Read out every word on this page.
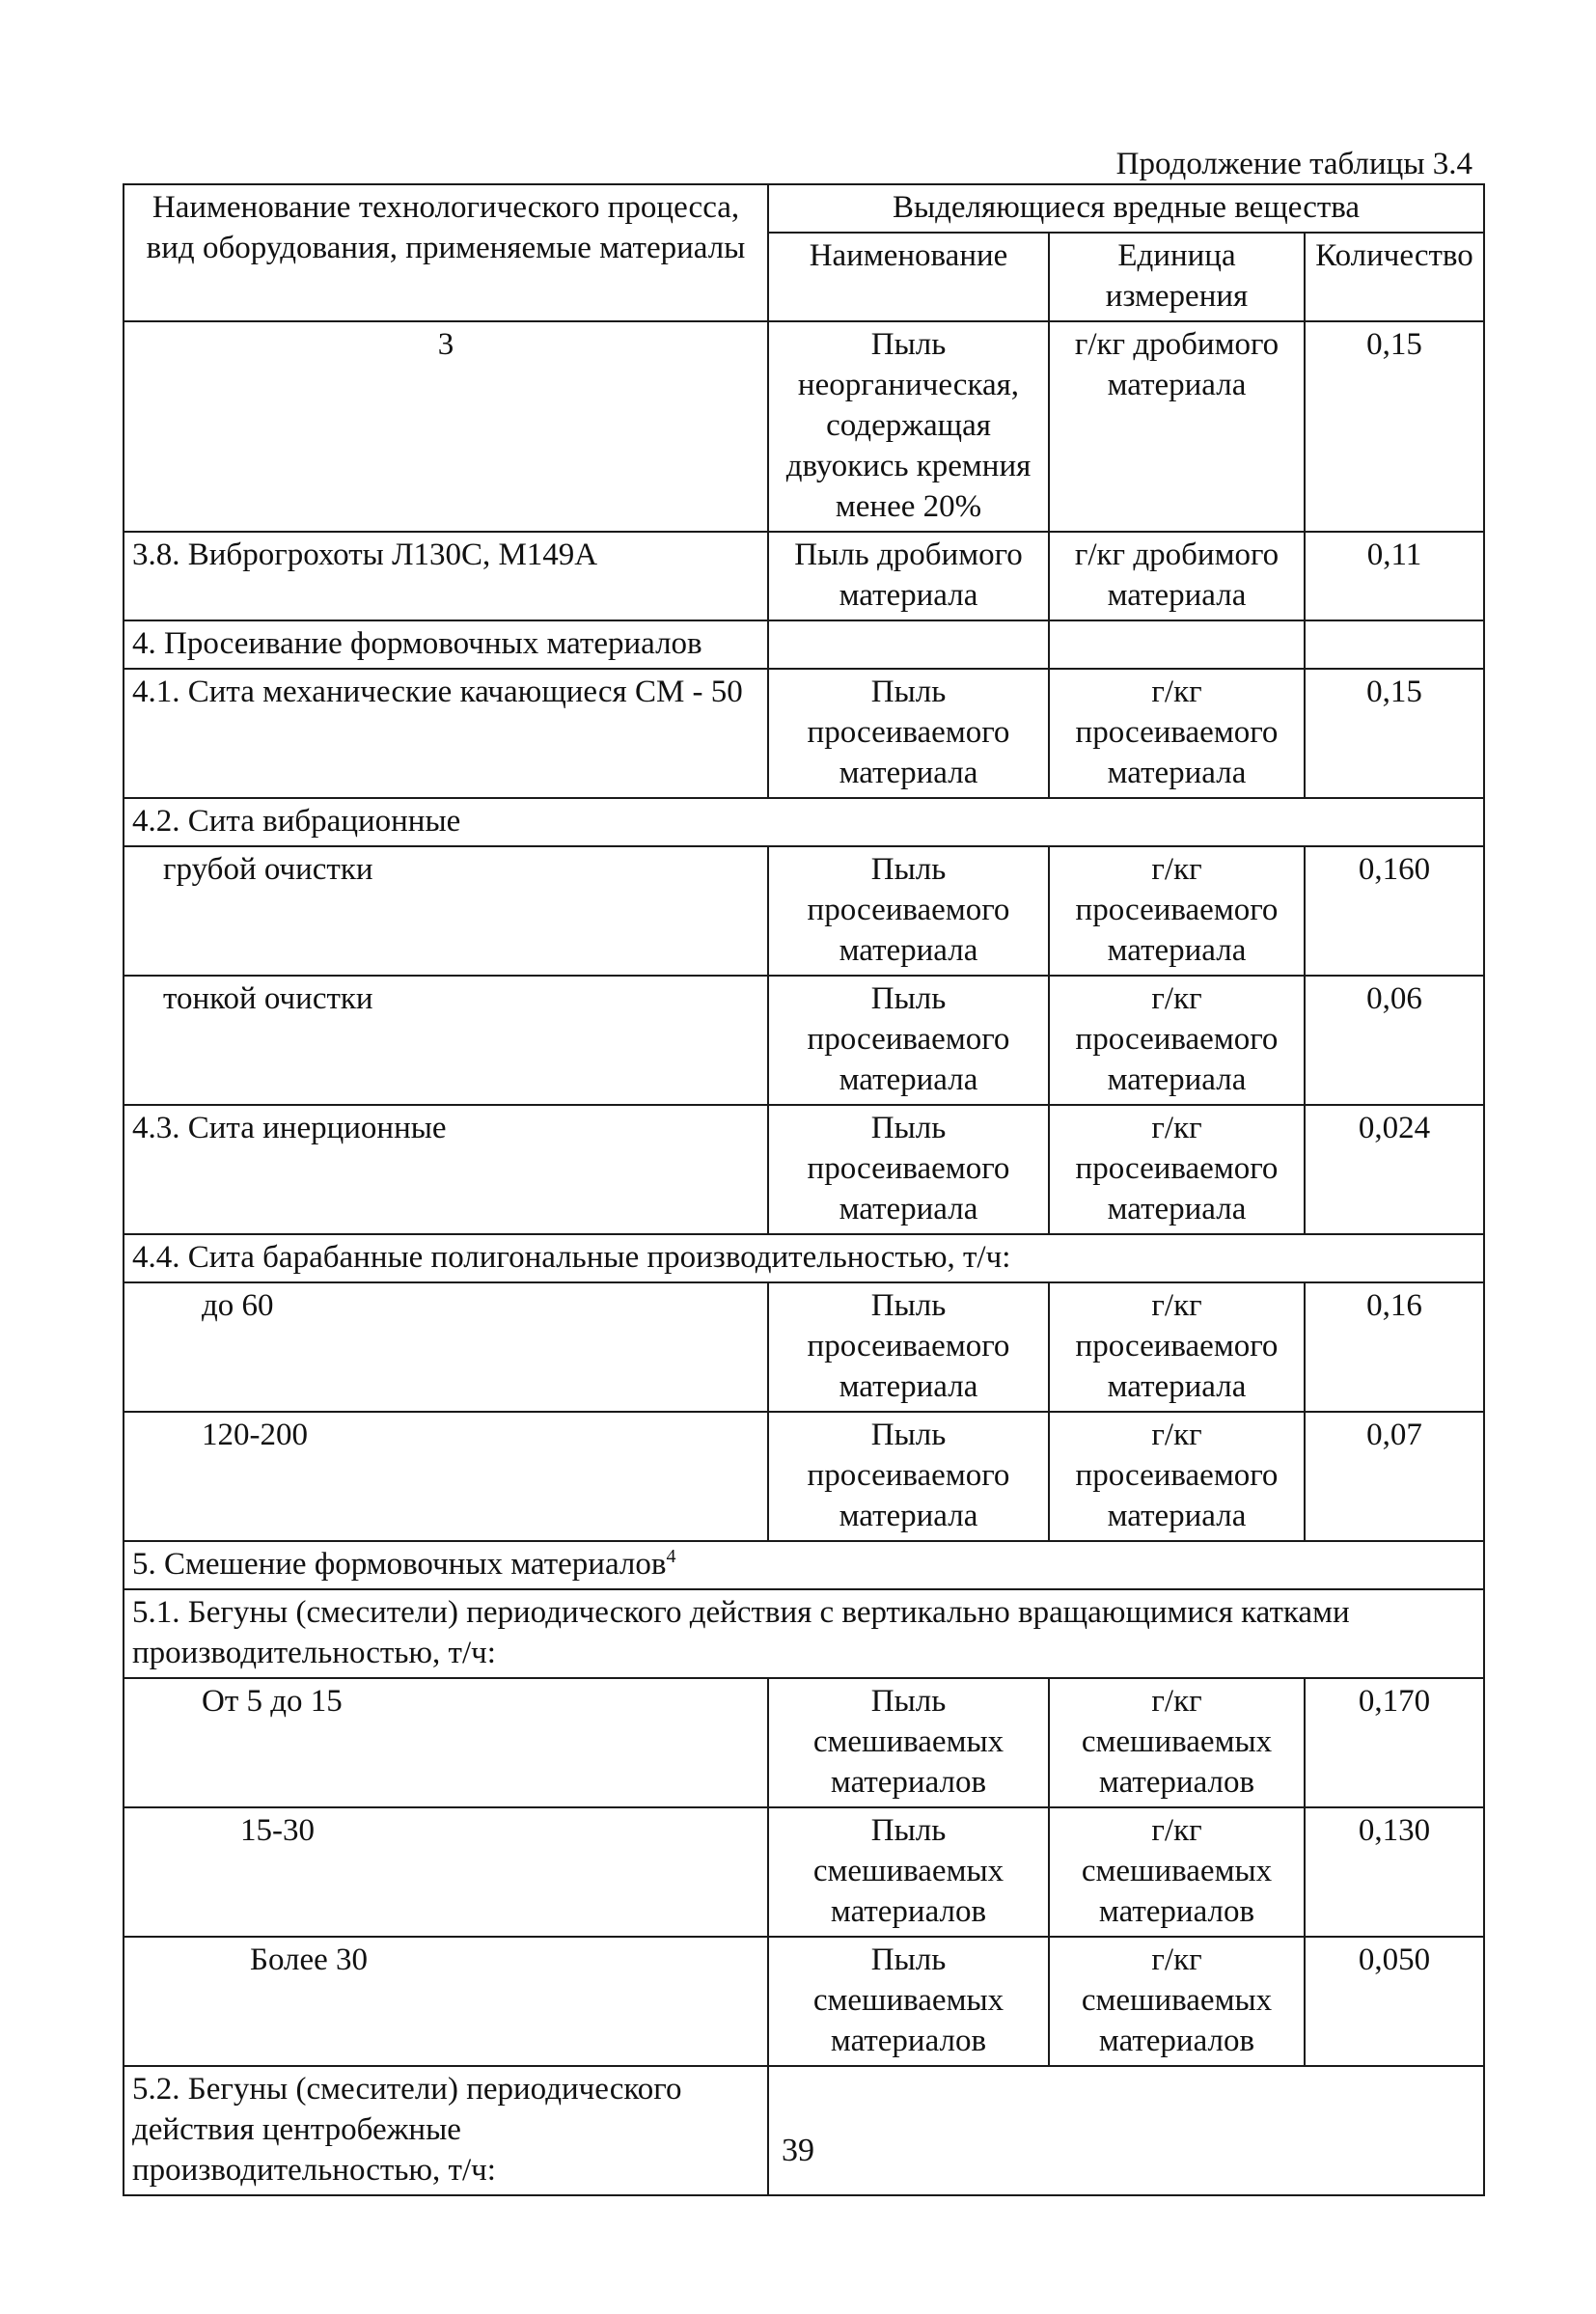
Продолжение таблицы 3.4
Наименование технологического процесса, вид оборудования, применяемые материалы	Выделяющиеся вредные вещества		
	Наименование	Единица измерения	Количество
3	Пыль неорганическая, содержащая двуокись кремния менее 20%	г/кг дробимого материала	0,15
3.8. Виброгрохоты Л130С, М149А	Пыль дробимого материала	г/кг дробимого материала	0,11
4. Просеивание формовочных материалов			
4.1. Сита механические качающиеся СМ - 50	Пыль просеиваемого материала	г/кг просеиваемого материала	0,15
4.2. Сита вибрационные			
грубой очистки	Пыль просеиваемого материала	г/кг просеиваемого материала	0,160
тонкой очистки	Пыль просеиваемого материала	г/кг просеиваемого материала	0,06
4.3. Сита инерционные	Пыль просеиваемого материала	г/кг просеиваемого материала	0,024
4.4. Сита барабанные полигональные производительностью, т/ч:			
до 60	Пыль просеиваемого материала	г/кг просеиваемого материала	0,16
120-200	Пыль просеиваемого материала	г/кг просеиваемого материала	0,07
5. Смешение формовочных материалов$^4$
5.1. Бегуны (смесители) периодического действия с вертикально вращающимися катками производительностью, т/ч:			
От 5 до 15	Пыль смешиваемых материалов	г/кг смешиваемых материалов	0,170
15-30	Пыль смешиваемых материалов	г/кг смешиваемых материалов	0,130
Более 30	Пыль смешиваемых материалов	г/кг смешиваемых материалов	0,050
5.2. Бегуны (смесители) периодического действия центробежные производительностью, т/ч:			
39
